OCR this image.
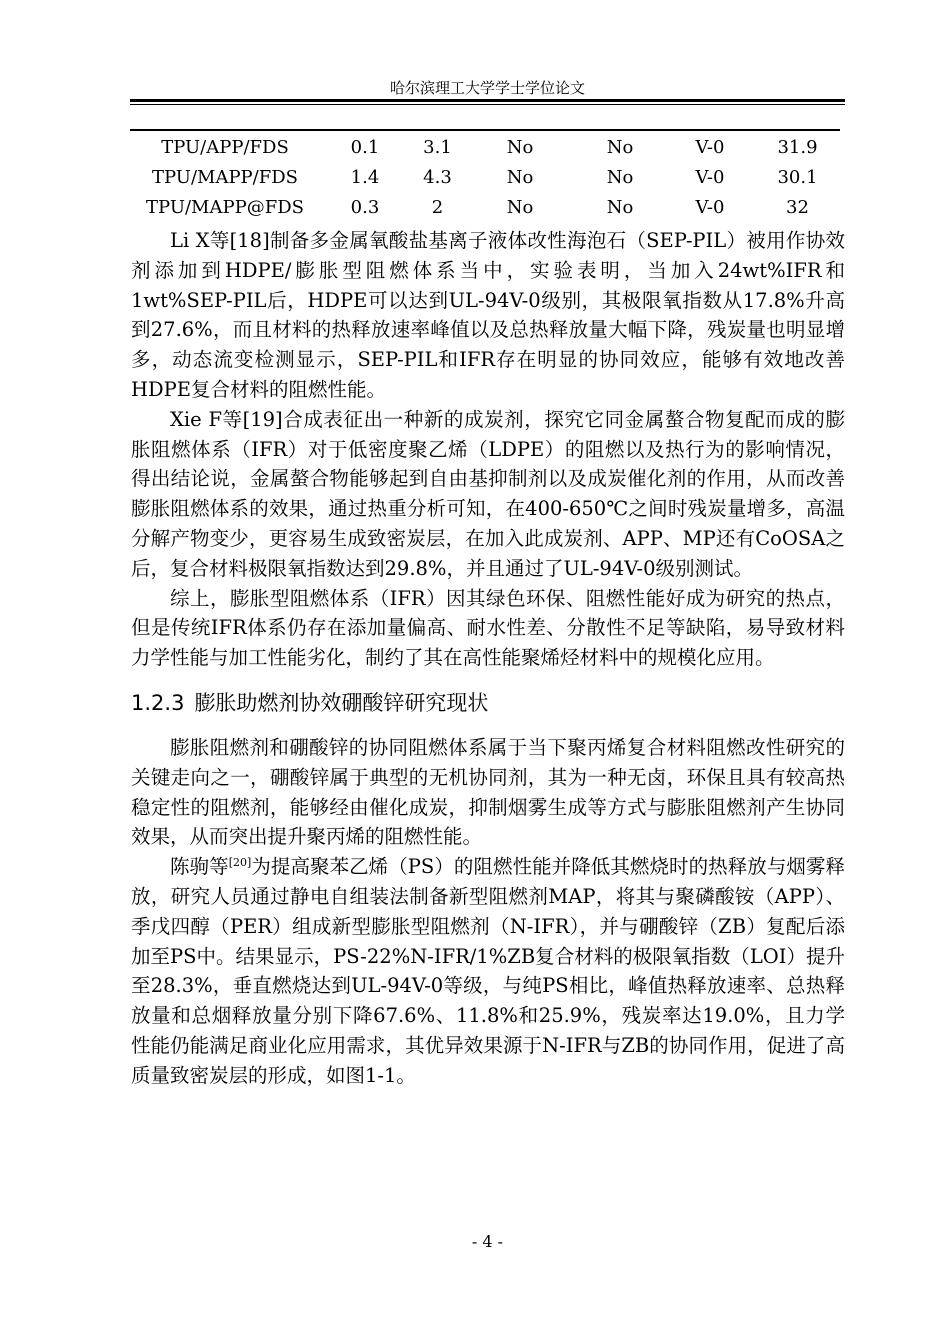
哈尔滨理工大学学士学位论文
TPU/APP/FDS	0.1	3.1	No	No	V-0	31.9
TPU/MAPP/FDS	1.4	4.3	No	No	V-0	30.1
TPU/MAPP@FDS	0.3	2	No	No	V-0	32

Li X等[18]制备多金属氧酸盐基离子液体改性海泡石（SEP-PIL）被用作协效剂添加到HDPE/膨胀型阻燃体系当中，实验表明，当加入24wt%IFR和1wt%SEP-PIL后，HDPE可以达到UL-94V-0级别，其极限氧指数从17.8%升高到27.6%，而且材料的热释放速率峰值以及总热释放量大幅下降，残炭量也明显增多，动态流变检测显示，SEP-PIL和IFR存在明显的协同效应，能够有效地改善HDPE复合材料的阻燃性能。

Xie F等[19]合成表征出一种新的成炭剂，探究它同金属螯合物复配而成的膨胀阻燃体系（IFR）对于低密度聚乙烯（LDPE）的阻燃以及热行为的影响情况，得出结论说，金属螯合物能够起到自由基抑制剂以及成炭催化剂的作用，从而改善膨胀阻燃体系的效果，通过热重分析可知，在400-650℃之间时残炭量增多，高温分解产物变少，更容易生成致密炭层，在加入此成炭剂、APP、MP还有CoOSA之后，复合材料极限氧指数达到29.8%，并且通过了UL-94V-0级别测试。

综上，膨胀型阻燃体系（IFR）因其绿色环保、阻燃性能好成为研究的热点，但是传统IFR体系仍存在添加量偏高、耐水性差、分散性不足等缺陷，易导致材料力学性能与加工性能劣化，制约了其在高性能聚烯烃材料中的规模化应用。

1.2.3 膨胀助燃剂协效硼酸锌研究现状

膨胀阻燃剂和硼酸锌的协同阻燃体系属于当下聚丙烯复合材料阻燃改性研究的关键走向之一，硼酸锌属于典型的无机协同剂，其为一种无卤，环保且具有较高热稳定性的阻燃剂，能够经由催化成炭，抑制烟雾生成等方式与膨胀阻燃剂产生协同效果，从而突出提升聚丙烯的阻燃性能。

陈驹等[20]为提高聚苯乙烯（PS）的阻燃性能并降低其燃烧时的热释放与烟雾释放，研究人员通过静电自组装法制备新型阻燃剂MAP，将其与聚磷酸铵（APP）、季戊四醇（PER）组成新型膨胀型阻燃剂（N-IFR），并与硼酸锌（ZB）复配后添加至PS中。结果显示，PS-22%N-IFR/1%ZB复合材料的极限氧指数（LOI）提升至28.3%，垂直燃烧达到UL-94V-0等级，与纯PS相比，峰值热释放速率、总热释放量和总烟释放量分别下降67.6%、11.8%和25.9%，残炭率达19.0%，且力学性能仍能满足商业化应用需求，其优异效果源于N-IFR与ZB的协同作用，促进了高质量致密炭层的形成，如图1-1。

- 4 -
